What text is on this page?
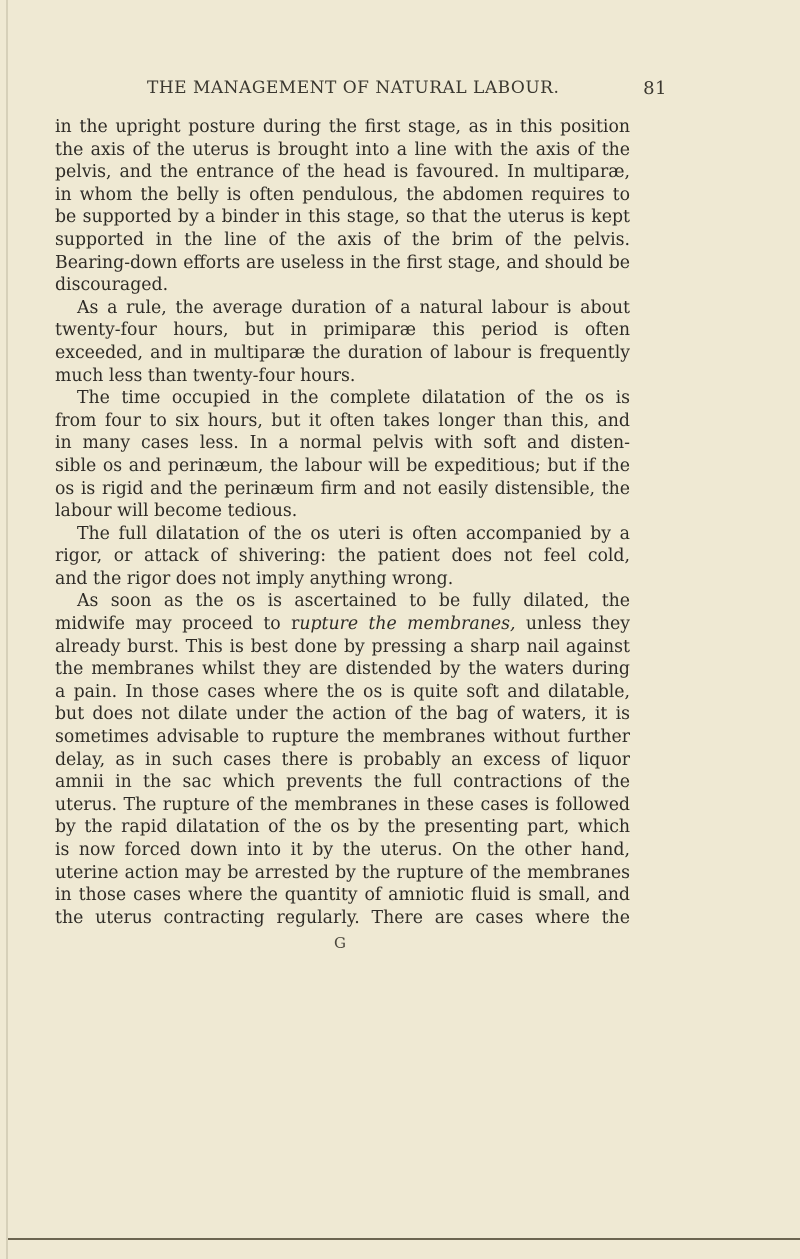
THE MANAGEMENT OF NATURAL LABOUR.	81
in the upright posture during the first stage, as in this position
the axis of the uterus is brought into a line with the axis of the
pelvis, and the entrance of the head is favoured. In multiparæ,
in whom the belly is often pendulous, the abdomen requires to
be supported by a binder in this stage, so that the uterus is kept
supported in the line of the axis of the brim of the pelvis.
Bearing-down efforts are useless in the first stage, and should be
discouraged.
As a rule, the average duration of a natural labour is about
twenty-four hours, but in primiparæ this period is often
exceeded, and in multiparæ the duration of labour is frequently
much less than twenty-four hours.
The time occupied in the complete dilatation of the os is
from four to six hours, but it often takes longer than this, and
in many cases less. In a normal pelvis with soft and disten-
sible os and perinæum, the labour will be expeditious; but if the
os is rigid and the perinæum firm and not easily distensible, the
labour will become tedious.
The full dilatation of the os uteri is often accompanied by a
rigor, or attack of shivering: the patient does not feel cold,
and the rigor does not imply anything wrong.
As soon as the os is ascertained to be fully dilated, the
midwife may proceed to rupture the membranes, unless they
already burst. This is best done by pressing a sharp nail against
the membranes whilst they are distended by the waters during
a pain. In those cases where the os is quite soft and dilatable,
but does not dilate under the action of the bag of waters, it is
sometimes advisable to rupture the membranes without further
delay, as in such cases there is probably an excess of liquor
amnii in the sac which prevents the full contractions of the
uterus. The rupture of the membranes in these cases is followed
by the rapid dilatation of the os by the presenting part, which
is now forced down into it by the uterus. On the other hand,
uterine action may be arrested by the rupture of the membranes
in those cases where the quantity of amniotic fluid is small, and
the uterus contracting regularly. There are cases where the
G
